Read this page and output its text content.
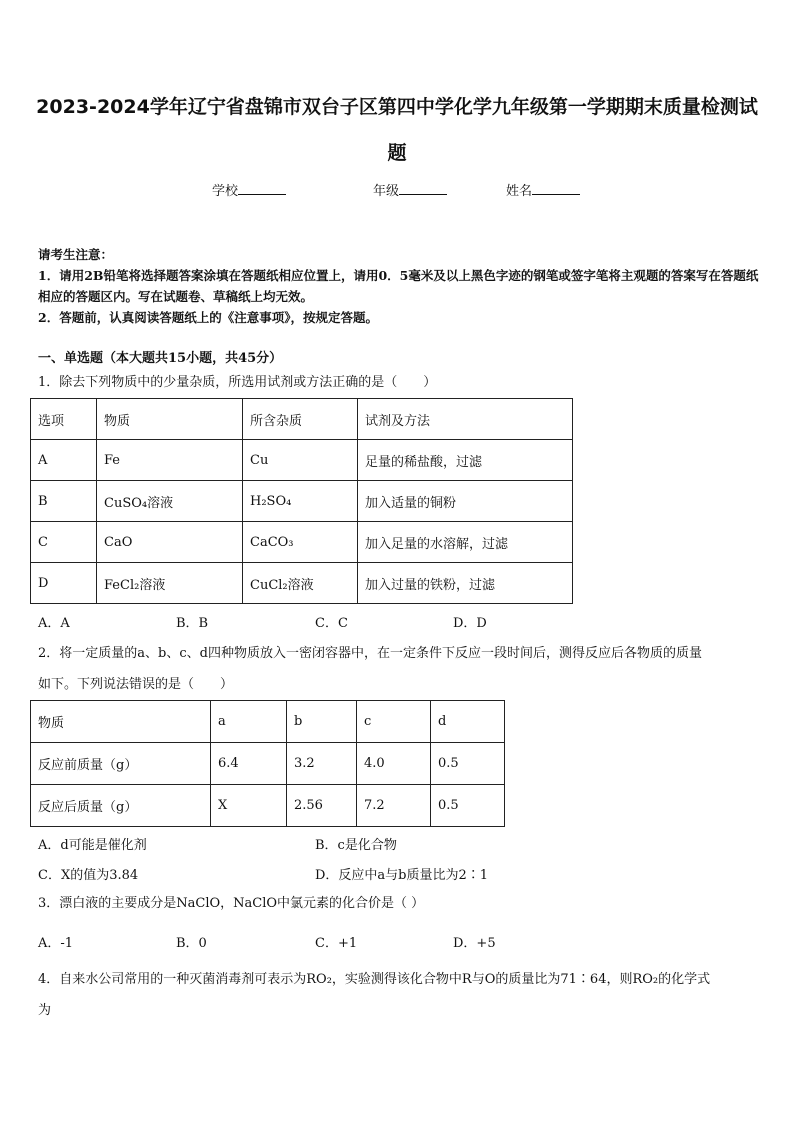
2023-2024学年辽宁省盘锦市双台子区第四中学化学九年级第一学期期末质量检测试题
学校	年级	姓名

请考生注意：

1．请用2B铅笔将选择题答案涂填在答题纸相应位置上，请用0．5毫米及以上黑色字迹的钢笔或签字笔将主观题的答案写在答题纸相应的答题区内。写在试题卷、草稿纸上均无效。

2．答题前，认真阅读答题纸上的《注意事项》，按规定答题。

一、单选题（本大题共15小题，共45分）
1．除去下列物质中的少量杂质，所选用试剂或方法正确的是（　　）
选项	物质	所含杂质	试剂及方法
A	Fe	Cu	足量的稀盐酸，过滤
B	CuSO₄溶液	H₂SO₄	加入适量的铜粉
C	CaO	CaCO₃	加入足量的水溶解，过滤
D	FeCl₂溶液	CuCl₂溶液	加入过量的铁粉，过滤
A．A	B．B	C．C	D．D

2．将一定质量的a、b、c、d四种物质放入一密闭容器中，在一定条件下反应一段时间后，测得反应后各物质的质量

如下。下列说法错误的是（　　）

物质	a	b	c	d
反应前质量（g）	6.4	3.2	4.0	0.5
反应后质量（g）	X	2.56	7.2	0.5
A．d可能是催化剂	B．c是化合物
C．X的值为3.84	D．反应中a与b质量比为2∶1
3．漂白液的主要成分是NaClO，NaClO中氯元素的化合价是（ ）
A．-1	B．0	C．+1	D．+5

4．自来水公司常用的一种灭菌消毒剂可表示为RO₂，实验测得该化合物中R与O的质量比为71∶64，则RO₂的化学式

为
